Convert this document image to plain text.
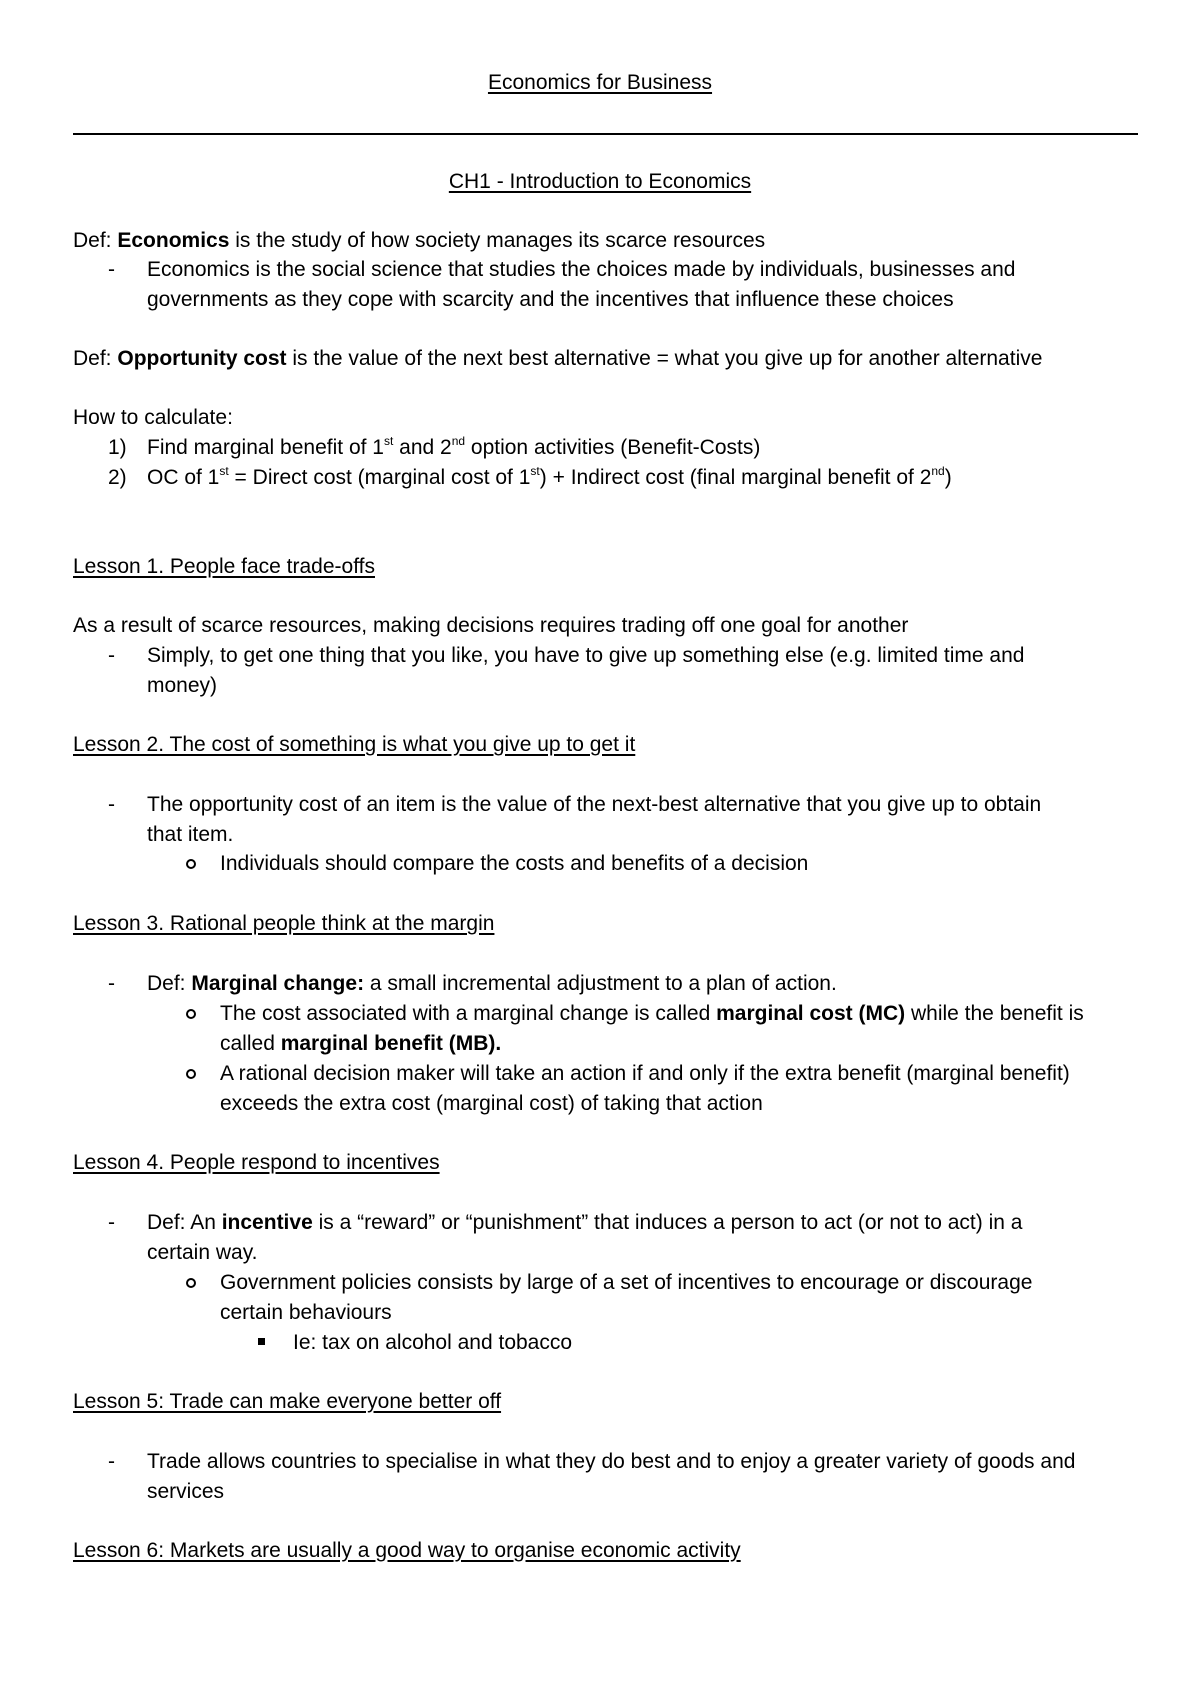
Economics for Business
CH1 - Introduction to Economics
Def: Economics is the study of how society manages its scarce resources
- Economics is the social science that studies the choices made by individuals, businesses and
governments as they cope with scarcity and the incentives that influence these choices
Def: Opportunity cost is the value of the next best alternative = what you give up for another alternative
How to calculate:
1) Find marginal benefit of 1st and 2nd option activities (Benefit-Costs)
2) OC of 1st = Direct cost (marginal cost of 1st) + Indirect cost (final marginal benefit of 2nd)
Lesson 1. People face trade-offs
As a result of scarce resources, making decisions requires trading off one goal for another
- Simply, to get one thing that you like, you have to give up something else (e.g. limited time and
money)
Lesson 2. The cost of something is what you give up to get it
- The opportunity cost of an item is the value of the next-best alternative that you give up to obtain
that item.
Individuals should compare the costs and benefits of a decision
Lesson 3. Rational people think at the margin
- Def: Marginal change: a small incremental adjustment to a plan of action.
The cost associated with a marginal change is called marginal cost (MC) while the benefit is
called marginal benefit (MB).
A rational decision maker will take an action if and only if the extra benefit (marginal benefit)
exceeds the extra cost (marginal cost) of taking that action
Lesson 4. People respond to incentives
- Def: An incentive is a “reward” or “punishment” that induces a person to act (or not to act) in a
certain way.
Government policies consists by large of a set of incentives to encourage or discourage
certain behaviours
Ie: tax on alcohol and tobacco
Lesson 5: Trade can make everyone better off
- Trade allows countries to specialise in what they do best and to enjoy a greater variety of goods and
services
Lesson 6: Markets are usually a good way to organise economic activity
